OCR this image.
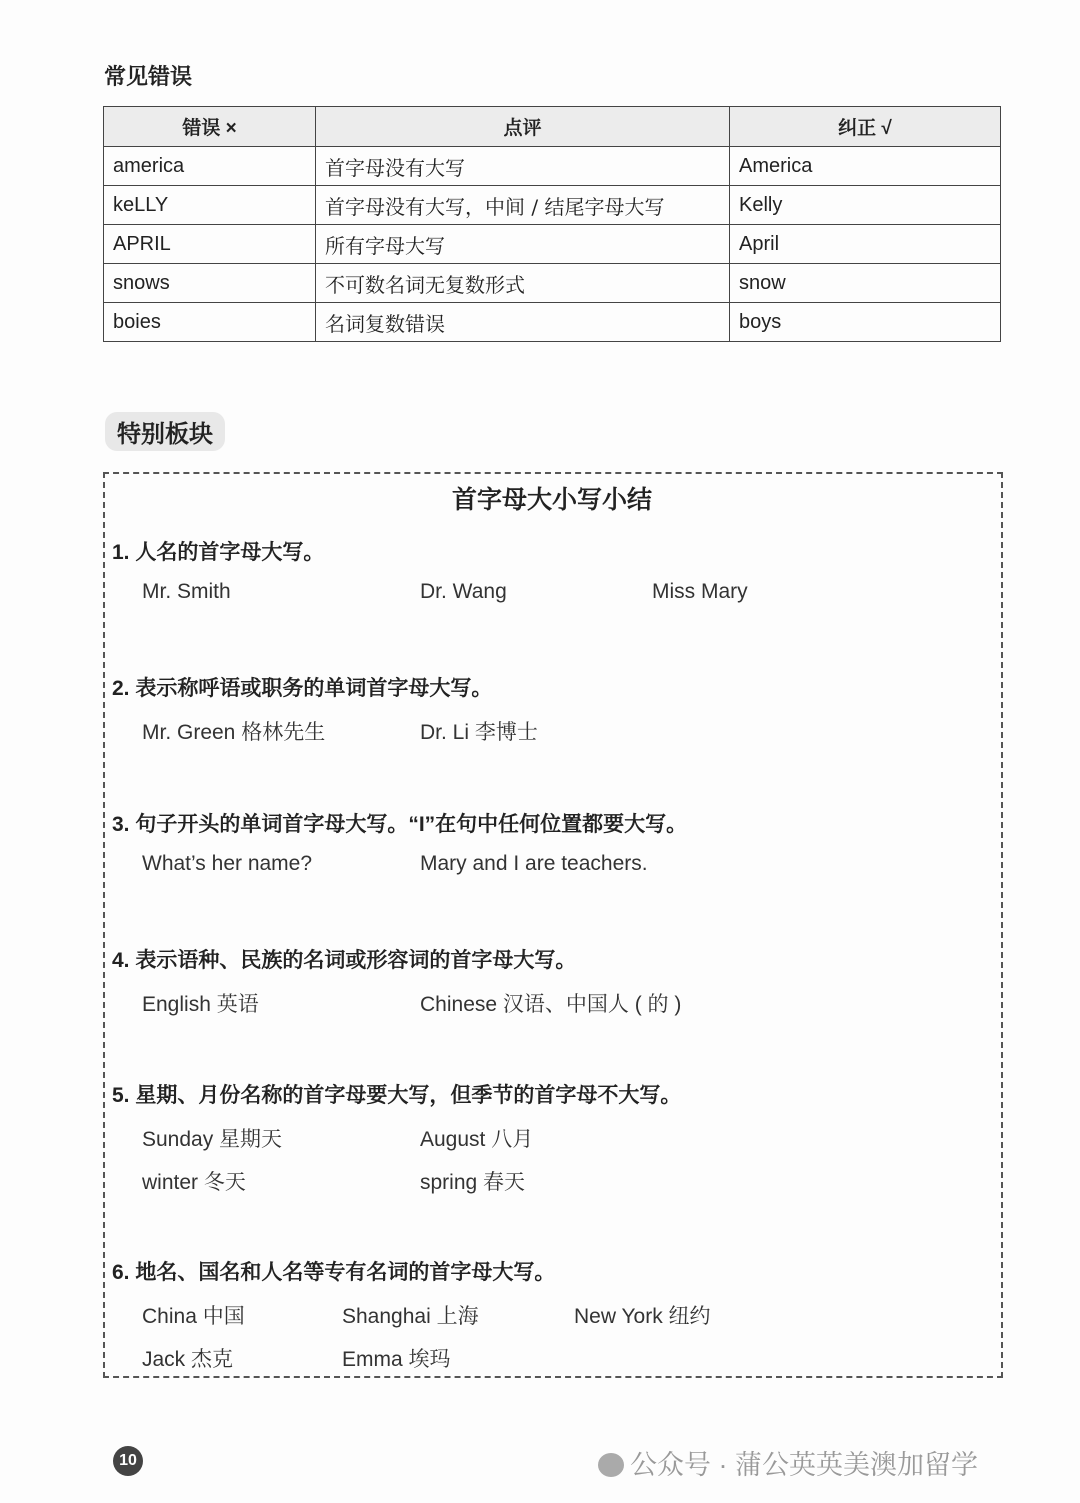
常见错误
错误 ×	点评	纠正 √
america	首字母没有大写	America
keLLY	首字母没有大写，中间 / 结尾字母大写	Kelly
APRIL	所有字母大写	April
snows	不可数名词无复数形式	snow
boies	名词复数错误	boys
特别板块
首字母大小写小结
1. 人名的首字母大写。
Mr. Smith	Dr. Wang	Miss Mary
2. 表示称呼语或职务的单词首字母大写。
Mr. Green 格林先生	Dr. Li 李博士
3. 句子开头的单词首字母大写。“I”在句中任何位置都要大写。
What’s her name?	Mary and I are teachers.
4. 表示语种、民族的名词或形容词的首字母大写。
English 英语	Chinese 汉语、中国人 ( 的 )
5. 星期、月份名称的首字母要大写，但季节的首字母不大写。
Sunday 星期天	August 八月
winter 冬天	spring 春天
6. 地名、国名和人名等专有名词的首字母大写。
China 中国	Shanghai 上海	New York 纽约
Jack 杰克	Emma 埃玛
10	公众号 · 蒲公英英美澳加留学
